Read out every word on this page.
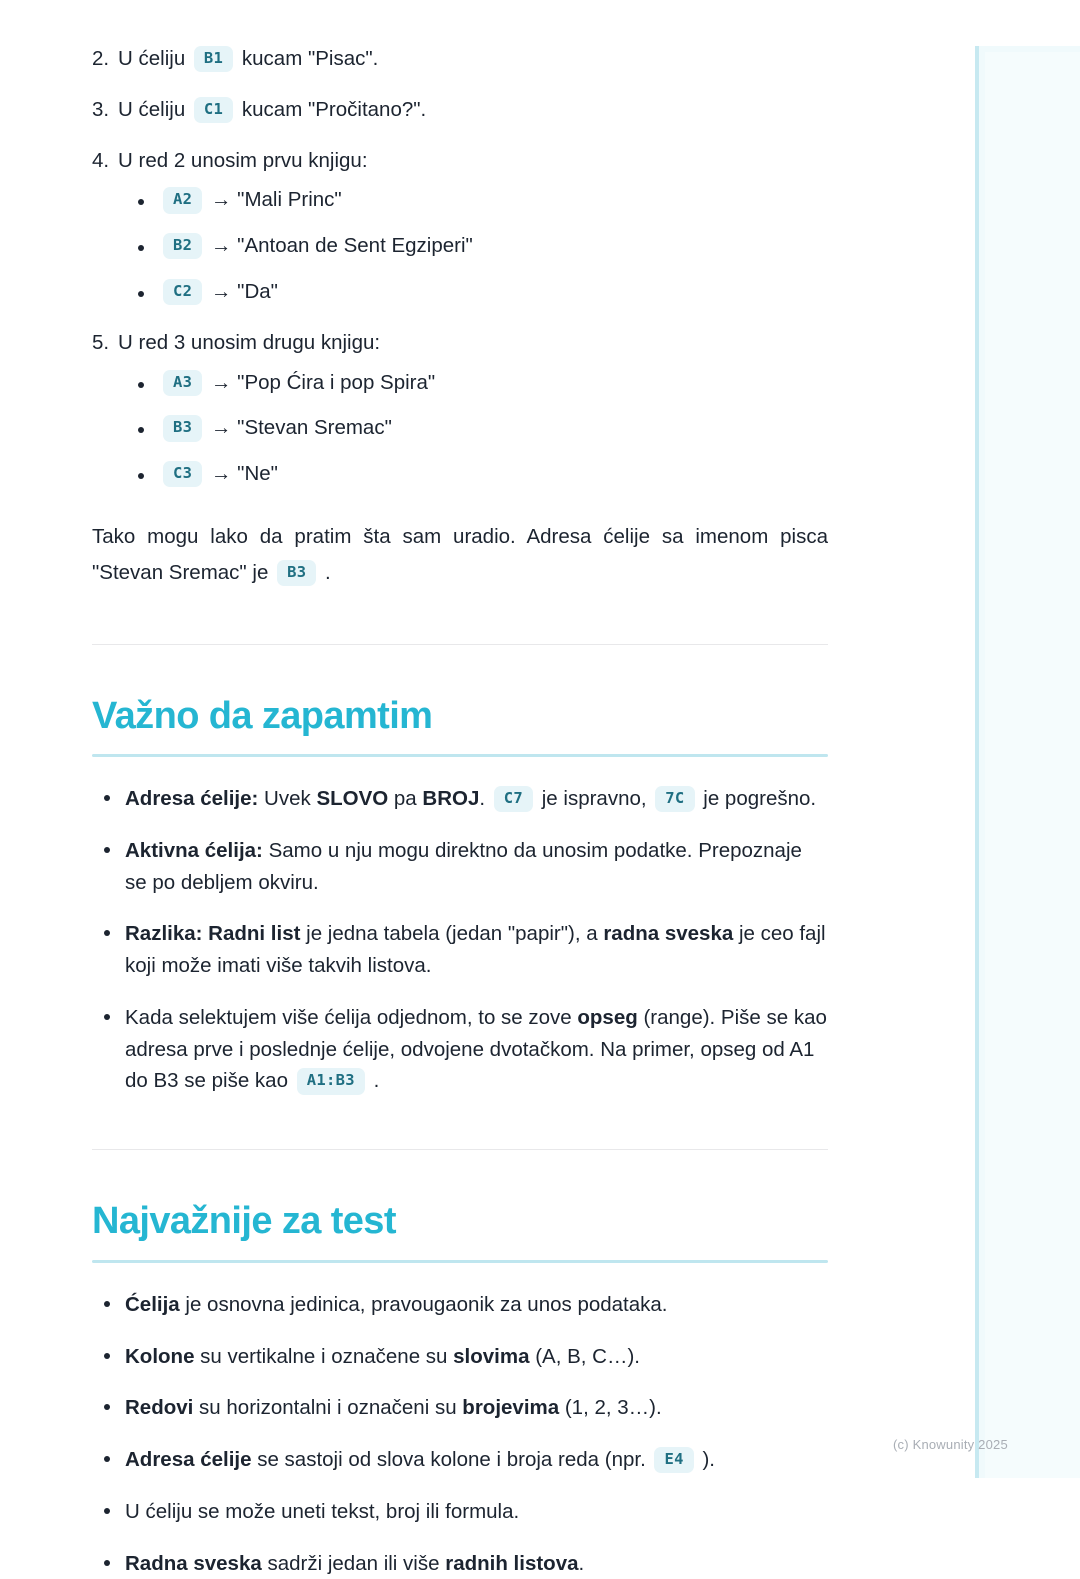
2. U ćeliju B1 kucam "Pisac".
3. U ćeliju C1 kucam "Pročitano?".
4. U red 2 unosim prvu knjigu:
A2 → "Mali Princ"
B2 → "Antoan de Sent Egziperi"
C2 → "Da"
5. U red 3 unosim drugu knjigu:
A3 → "Pop Ćira i pop Spira"
B3 → "Stevan Sremac"
C3 → "Ne"

Tako mogu lako da pratim šta sam uradio. Adresa ćelije sa imenom pisca "Stevan Sremac" je B3 .

Važno da zapamtim
Adresa ćelije: Uvek SLOVO pa BROJ. C7 je ispravno, 7C je pogrešno.
Aktivna ćelija: Samo u nju mogu direktno da unosim podatke. Prepoznaje se po debljem okviru.
Razlika: Radni list je jedna tabela (jedan "papir"), a radna sveska je ceo fajl koji može imati više takvih listova.
Kada selektujem više ćelija odjednom, to se zove opseg (range). Piše se kao adresa prve i poslednje ćelije, odvojene dvotačkom. Na primer, opseg od A1 do B3 se piše kao A1:B3 .
Najvažnije za test
Ćelija je osnovna jedinica, pravougaonik za unos podataka.
Kolone su vertikalne i označene su slovima (A, B, C…).
Redovi su horizontalni i označeni su brojevima (1, 2, 3…).
Adresa ćelije se sastoji od slova kolone i broja reda (npr. E4 ).
U ćeliju se može uneti tekst, broj ili formula.
Radna sveska sadrži jedan ili više radnih listova.
(c) Knowunity 2025
